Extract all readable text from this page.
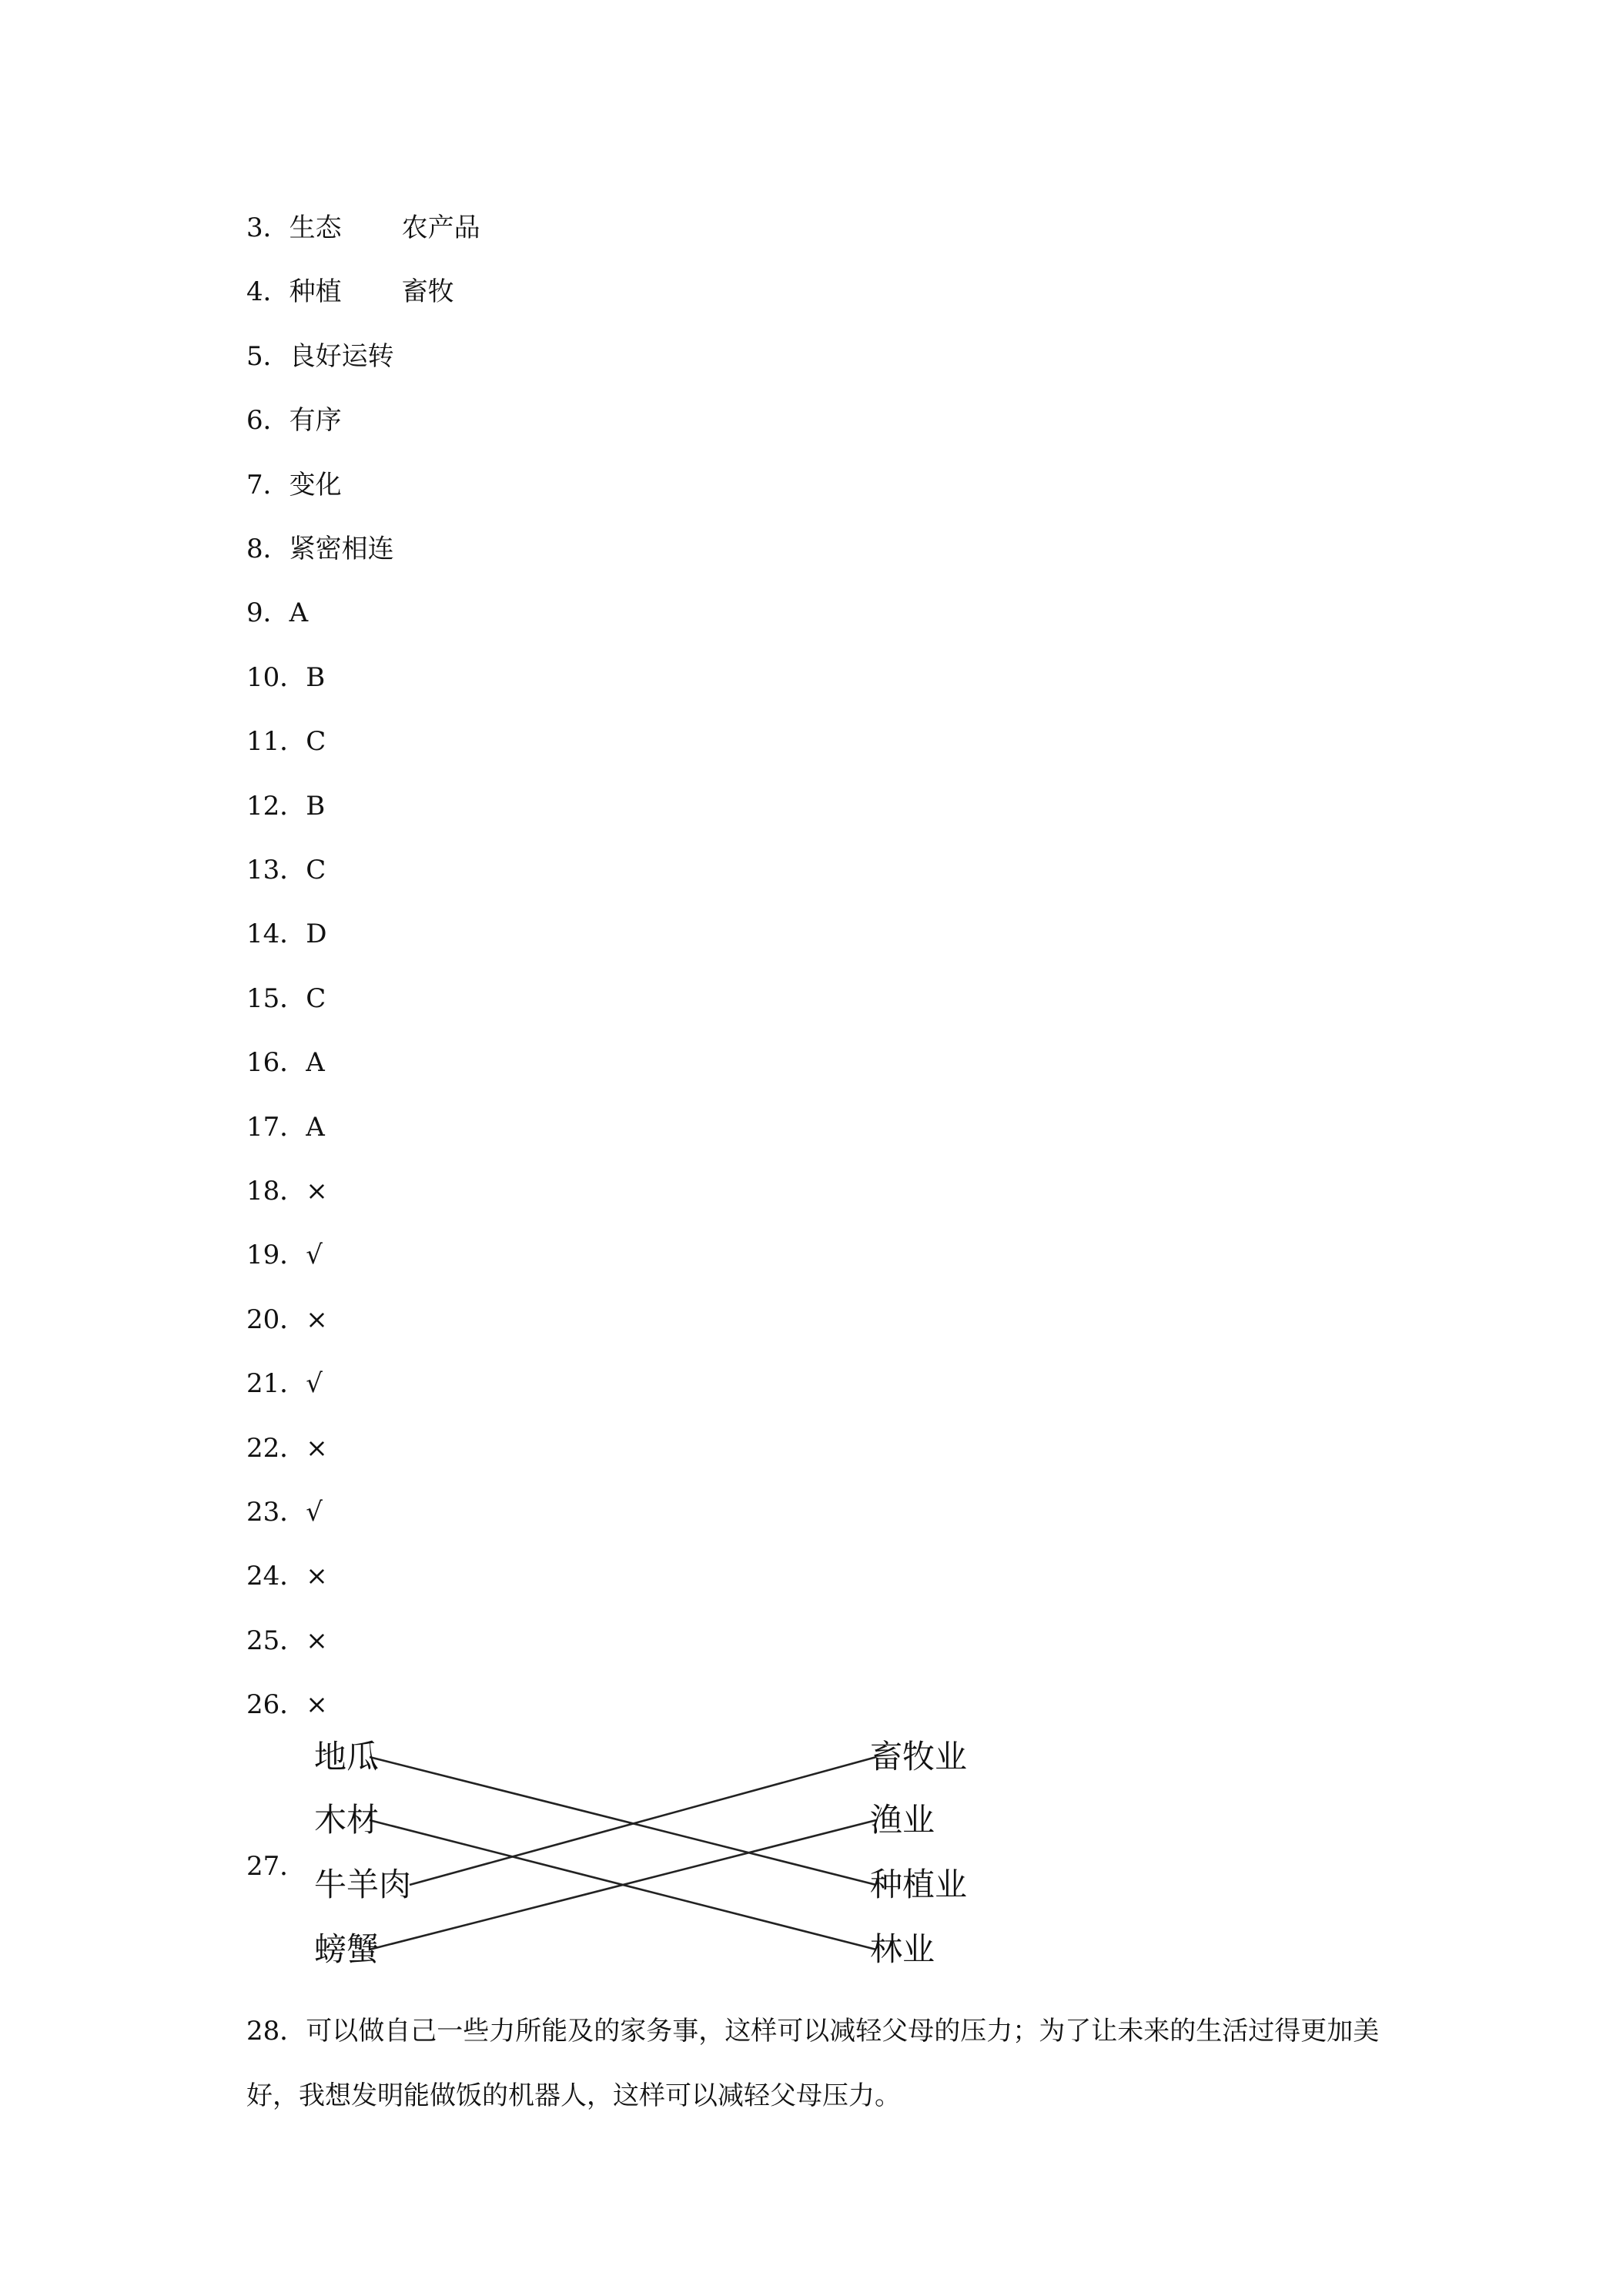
3．生态 农产品
4．种植 畜牧
5．良好运转
6．有序
7．变化
8．紧密相连
9．A
10．B
11．C
12．B
13．C
14．D
15．C
16．A
17．A
18．×
19．√
20．×
21．√
22．×
23．√
24．×
25．×
26．×
27．
地瓜
木材
牛羊肉
螃蟹
畜牧业
渔业
种植业
林业
28．可以做自己一些力所能及的家务事，这样可以减轻父母的压力；为了让未来的生活过得更加美好，我想发明能做饭的机器人，这样可以减轻父母压力。
